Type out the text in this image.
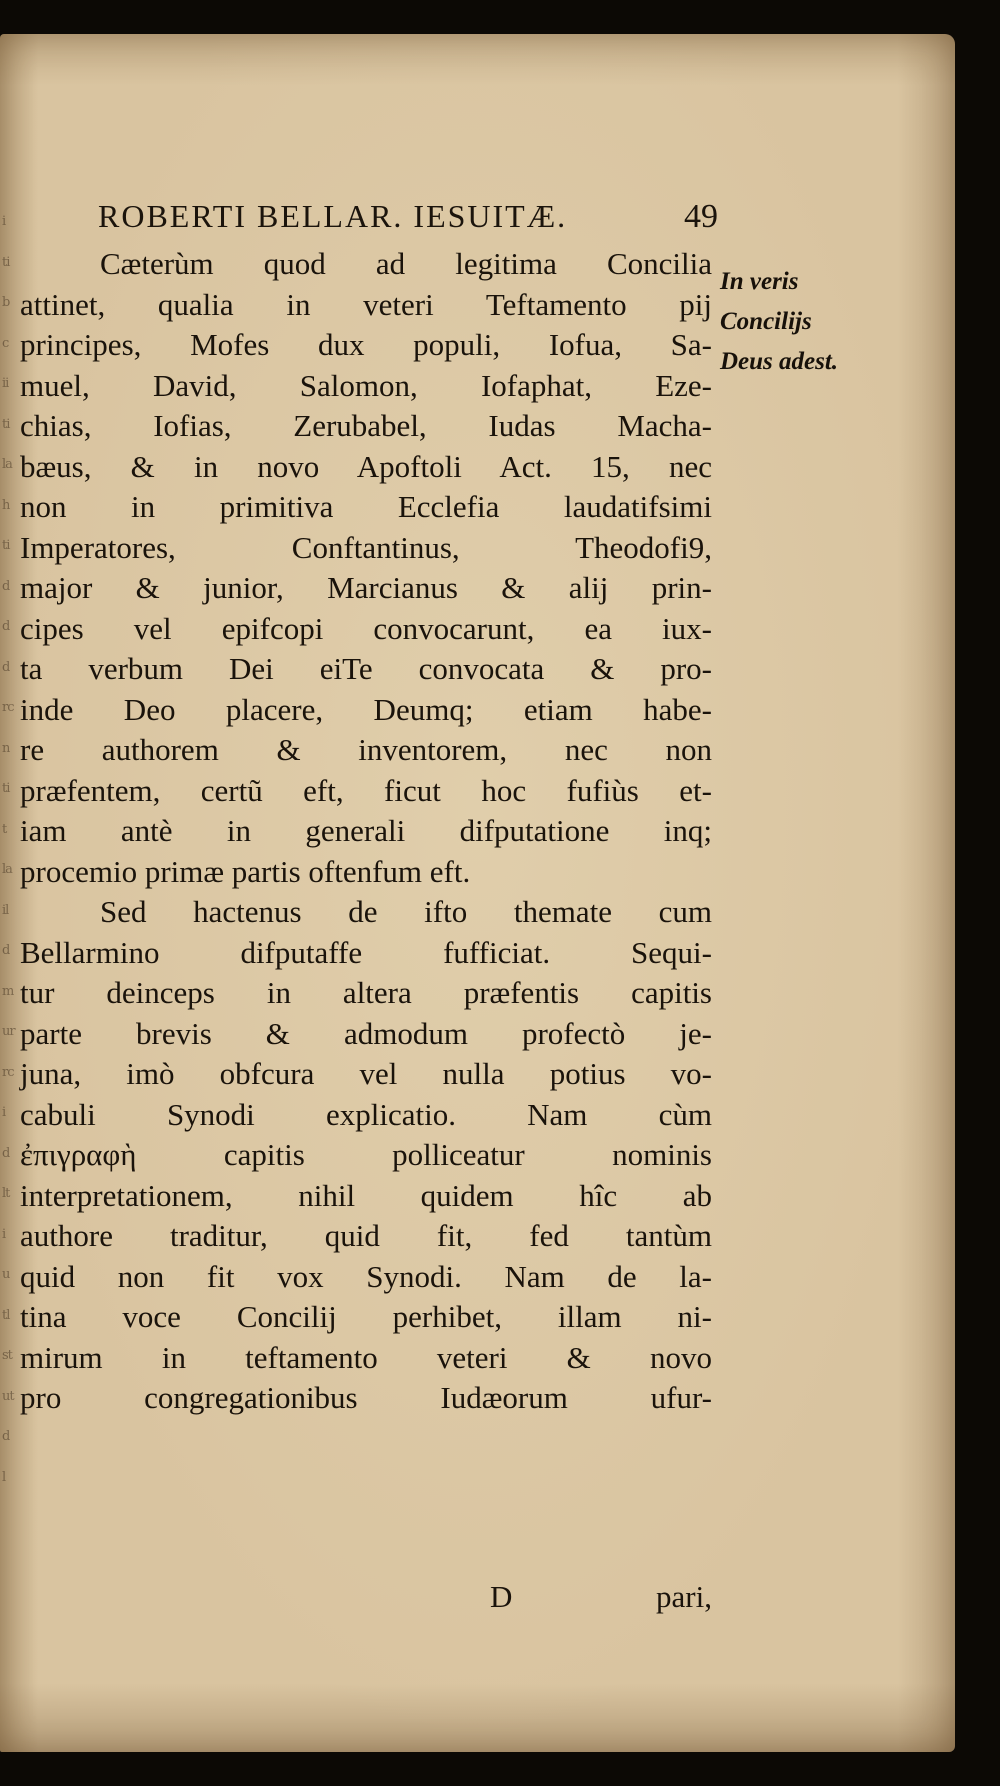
i
ti
b
c
ii
ti
la
h
ti
d
d
d
rc
n
ti
t
la
il
d
m
ur
rc
i
d
lt
i
u
tl
st
ut
d
l
ROBERTI BELLAR. IESUITÆ.	49
Cæterùm quod ad legitima Concilia
attinet, qualia in veteri Teftamento pij
principes, Mofes dux populi, Iofua, Sa-
muel, David, Salomon, Iofaphat, Eze-
chias, Iofias, Zerubabel, Iudas Macha-
bæus, & in novo Apoftoli Act. 15, nec
non in primitiva Ecclefia laudatifsimi
Imperatores, Conftantinus, Theodofi9,
major & junior, Marcianus & alij prin-
cipes vel epifcopi convocarunt, ea iux-
ta verbum Dei eiTe convocata & pro-
inde Deo placere, Deumq; etiam habe-
re authorem & inventorem, nec non
præfentem, certũ eft, ficut hoc fufiùs et-
iam antè in generali difputatione inq;
procemio primæ partis oftenfum eft.
Sed hactenus de ifto themate cum
Bellarmino difputaffe fufficiat. Sequi-
tur deinceps in altera præfentis capitis
parte brevis & admodum profectò je-
juna, imò obfcura vel nulla potius vo-
cabuli Synodi explicatio. Nam cùm
ἐπιγραφὴ capitis polliceatur nominis
interpretationem, nihil quidem hîc ab
authore traditur, quid fit, fed tantùm
quid non fit vox Synodi. Nam de la-
tina voce Concilij perhibet, illam ni-
mirum in teftamento veteri & novo
pro congregationibus Iudæorum ufur-
In veris
Concilijs
Deus adest.
D	pari,
